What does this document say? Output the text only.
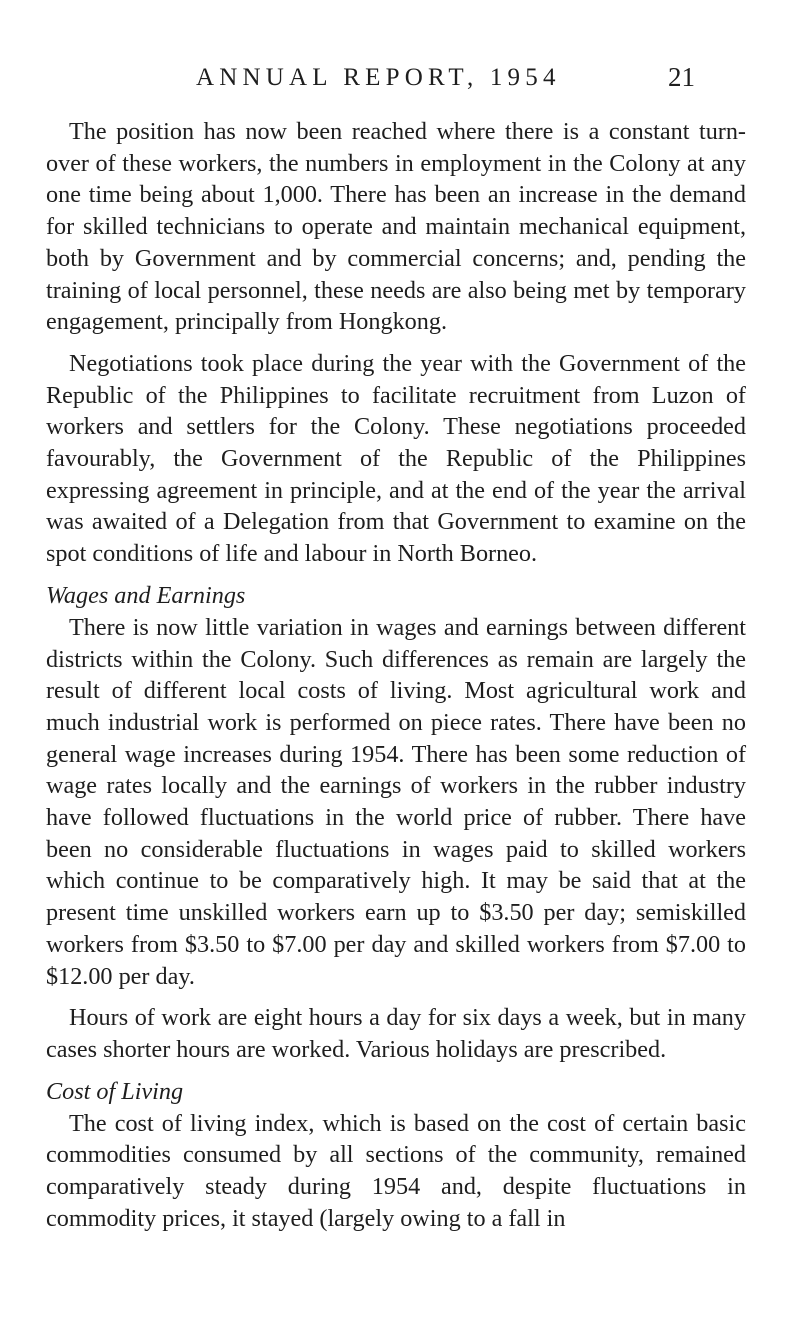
ANNUAL REPORT, 1954	21

The position has now been reached where there is a constant turn-over of these workers, the numbers in employment in the Colony at any one time being about 1,000. There has been an increase in the demand for skilled technicians to operate and maintain mechanical equipment, both by Government and by commercial concerns; and, pending the training of local personnel, these needs are also being met by temporary engagement, principally from Hongkong.

Negotiations took place during the year with the Government of the Republic of the Philippines to facilitate recruitment from Luzon of workers and settlers for the Colony. These negotiations proceeded favourably, the Government of the Republic of the Philippines expressing agreement in principle, and at the end of the year the arrival was awaited of a Delegation from that Government to examine on the spot conditions of life and labour in North Borneo.

Wages and Earnings

There is now little variation in wages and earnings between different districts within the Colony. Such differences as remain are largely the result of different local costs of living. Most agricultural work and much industrial work is performed on piece rates. There have been no general wage increases during 1954. There has been some reduction of wage rates locally and the earnings of workers in the rubber industry have followed fluctuations in the world price of rubber. There have been no considerable fluctuations in wages paid to skilled workers which continue to be comparatively high. It may be said that at the present time unskilled workers earn up to $3.50 per day; semiskilled workers from $3.50 to $7.00 per day and skilled workers from $7.00 to $12.00 per day.

Hours of work are eight hours a day for six days a week, but in many cases shorter hours are worked. Various holidays are prescribed.

Cost of Living

The cost of living index, which is based on the cost of certain basic commodities consumed by all sections of the community, remained comparatively steady during 1954 and, despite fluctuations in commodity prices, it stayed (largely owing to a fall in
